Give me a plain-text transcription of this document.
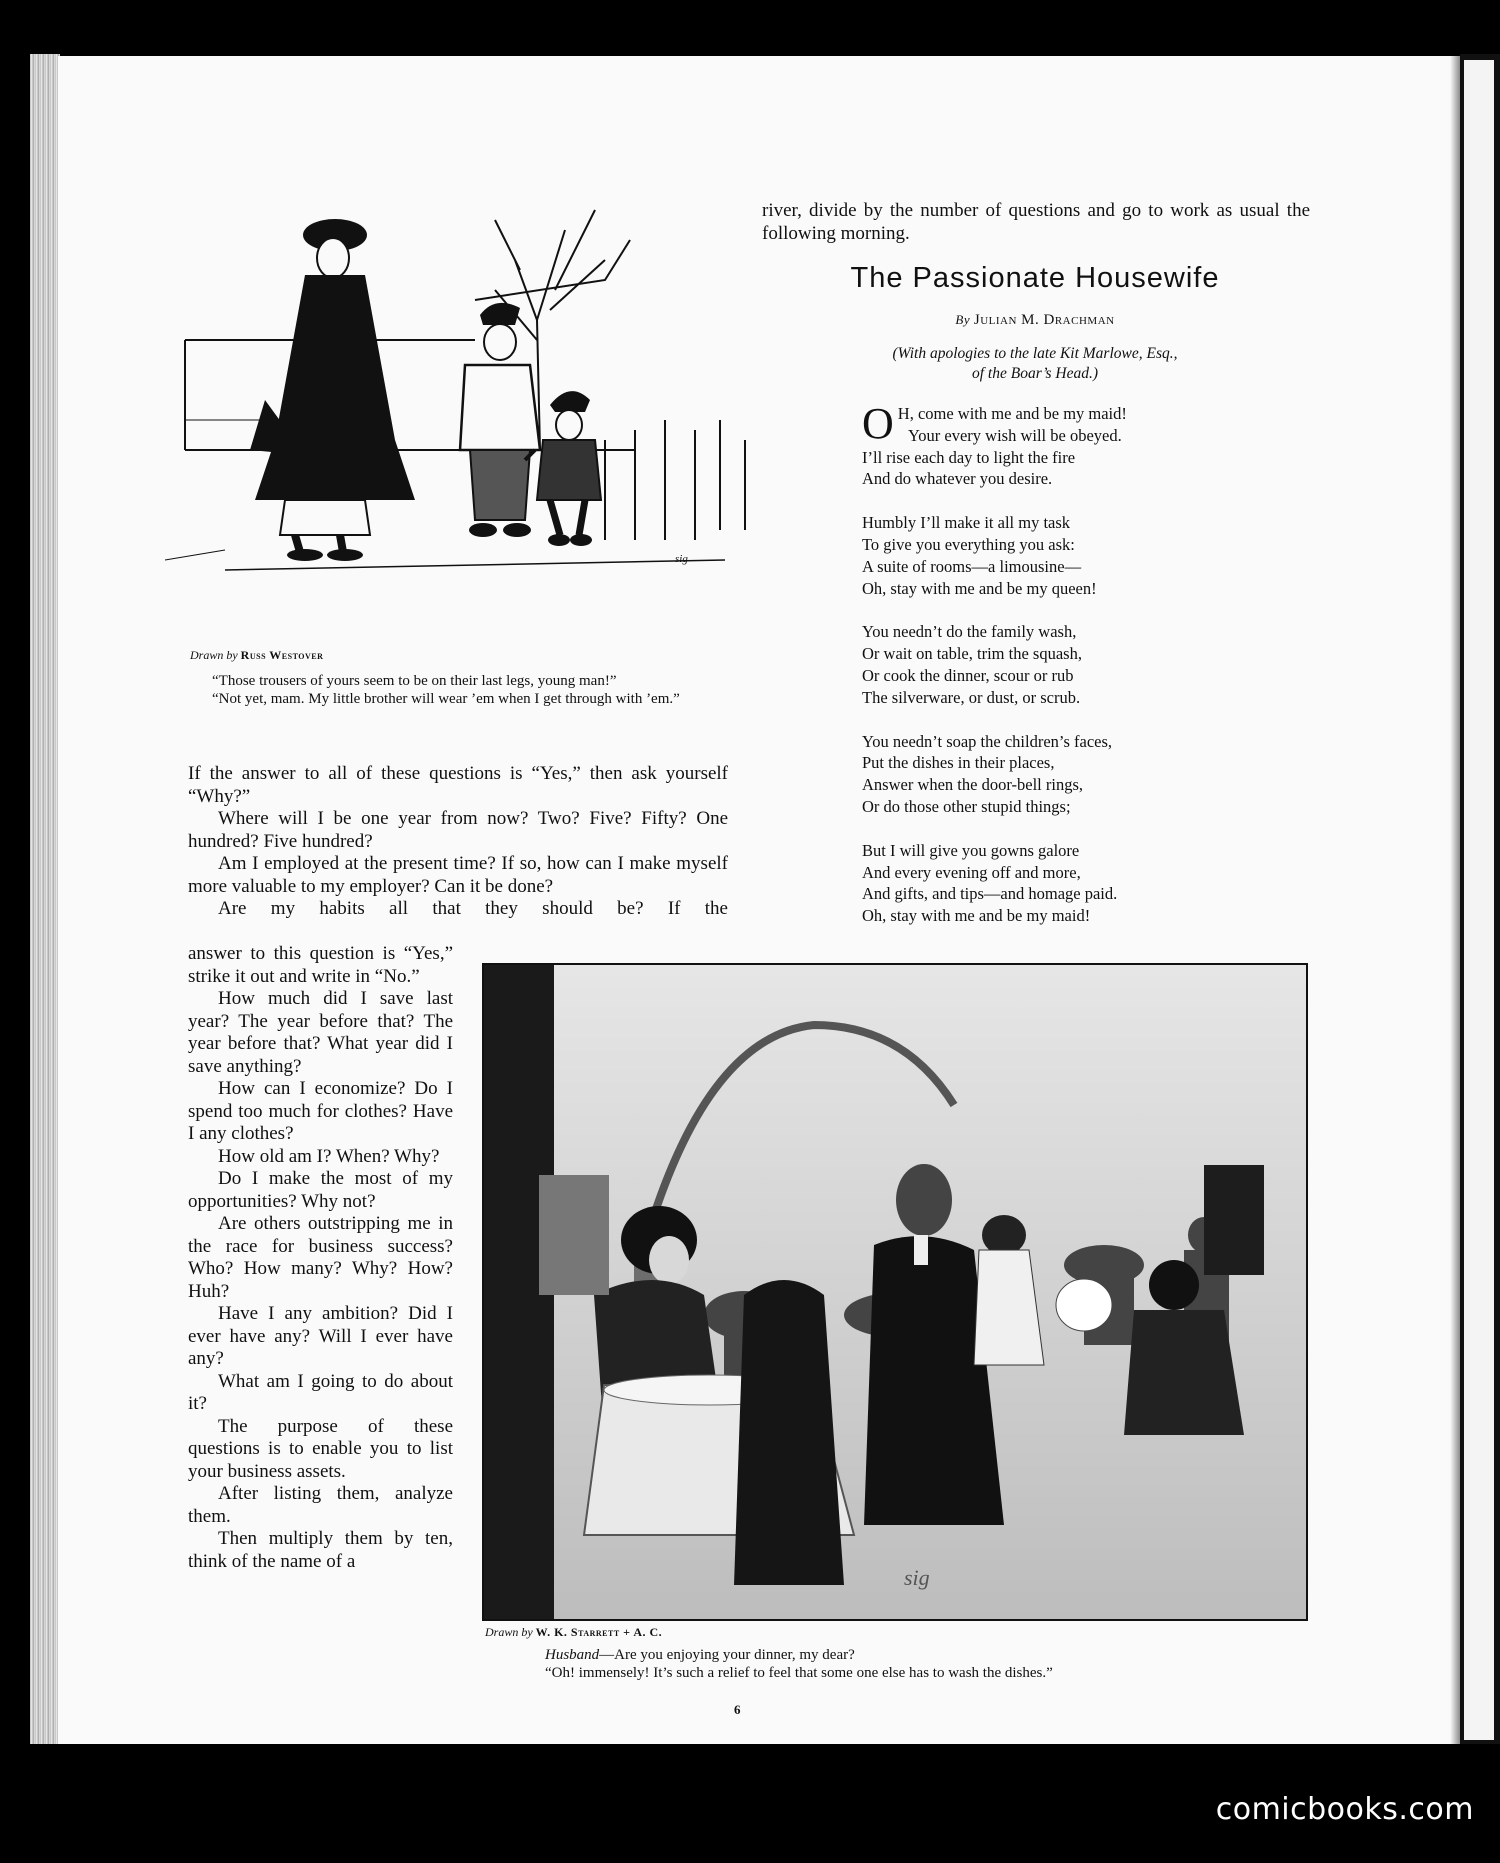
sig
Drawn by Russ Westover

“Those trousers of yours seem to be on their last legs, young man!”

“Not yet, mam. My little brother will wear ’em when I get through with ’em.”

If the answer to all of these questions is “Yes,” then ask yourself “Why?”

Where will I be one year from now? Two? Five? Fifty? One hundred? Five hundred?

Am I employed at the present time? If so, how can I make myself more valuable to my employer? Can it be done?

Are my habits all that they should be? If the

answer to this question is “Yes,” strike it out and write in “No.”

How much did I save last year? The year before that? The year before that? What year did I save anything?

How can I economize? Do I spend too much for clothes? Have I any clothes?

How old am I? When? Why?

Do I make the most of my opportunities? Why not?

Are others outstripping me in the race for business success? Who? How many? Why? How? Huh?

Have I any ambition? Did I ever have any? Will I ever have any?

What am I going to do about it?

The purpose of these questions is to enable you to list your business assets.

After listing them, analyze them.

Then multiply them by ten, think of the name of a

river, divide by the number of questions and go to work as usual the following morning.

The Passionate Housewife
By Julian M. Drachman
(With apologies to the late Kit Marlowe, Esq.,
of the Boar’s Head.)
O H, come with me and be my maid!
Your every wish will be obeyed.
I’ll rise each day to light the fire
And do whatever you desire.
Humbly I’ll make it all my task
To give you everything you ask:
A suite of rooms—a limousine—
Oh, stay with me and be my queen!
You needn’t do the family wash,
Or wait on table, trim the squash,
Or cook the dinner, scour or rub
The silverware, or dust, or scrub.
You needn’t soap the children’s faces,
Put the dishes in their places,
Answer when the door-bell rings,
Or do those other stupid things;
But I will give you gowns galore
And every evening off and more,
And gifts, and tips—and homage paid.
Oh, stay with me and be my maid!
sig
Drawn by W. K. Starrett + A. C.
Husband—Are you enjoying your dinner, my dear?
“Oh! immensely! It’s such a relief to feel that some one else has to wash the dishes.”
6
comicbooks.com
